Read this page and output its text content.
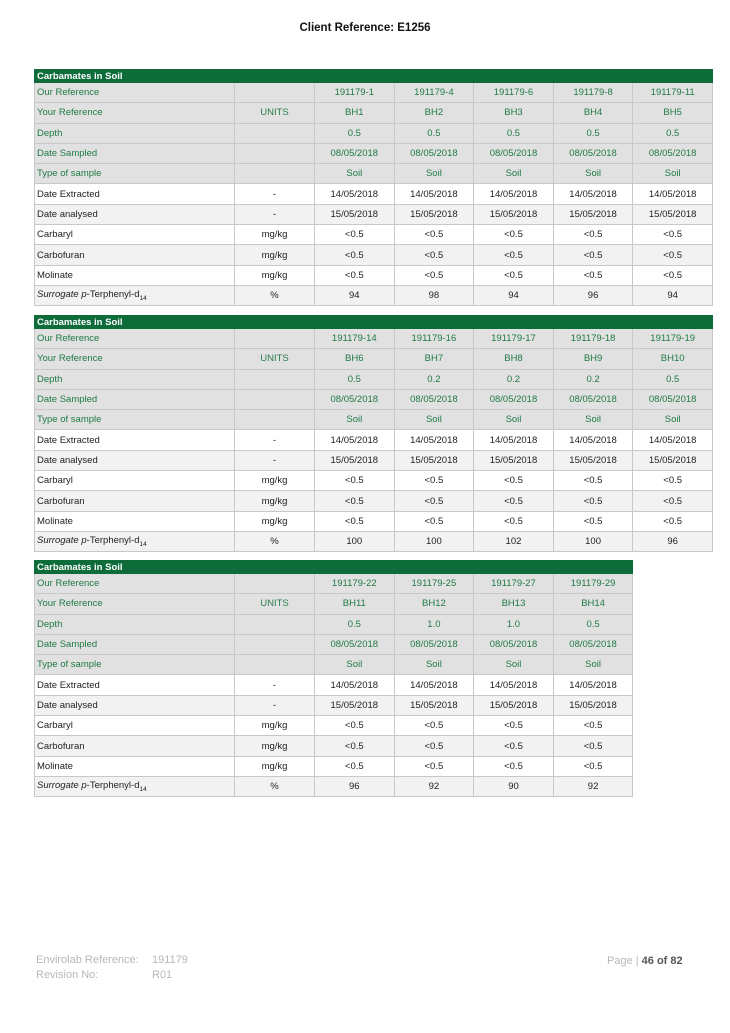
Client Reference: E1256
Carbamates in Soil						
Our Reference		191179-1	191179-4	191179-6	191179-8	191179-11
Your Reference	UNITS	BH1	BH2	BH3	BH4	BH5
Depth		0.5	0.5	0.5	0.5	0.5
Date Sampled		08/05/2018	08/05/2018	08/05/2018	08/05/2018	08/05/2018
Type of sample		Soil	Soil	Soil	Soil	Soil
Date Extracted	-	14/05/2018	14/05/2018	14/05/2018	14/05/2018	14/05/2018
Date analysed	-	15/05/2018	15/05/2018	15/05/2018	15/05/2018	15/05/2018
Carbaryl	mg/kg	<0.5	<0.5	<0.5	<0.5	<0.5
Carbofuran	mg/kg	<0.5	<0.5	<0.5	<0.5	<0.5
Molinate	mg/kg	<0.5	<0.5	<0.5	<0.5	<0.5
Surrogate $p-Terphenyl-d_{14}$	%	94	98	94	96	94
Carbamates in Soil						
Our Reference		191179-14	191179-16	191179-17	191179-18	191179-19
Your Reference	UNITS	BH6	BH7	BH8	BH9	BH10
Depth		0.5	0.2	0.2	0.2	0.5
Date Sampled		08/05/2018	08/05/2018	08/05/2018	08/05/2018	08/05/2018
Type of sample		Soil	Soil	Soil	Soil	Soil
Date Extracted	-	14/05/2018	14/05/2018	14/05/2018	14/05/2018	14/05/2018
Date analysed	-	15/05/2018	15/05/2018	15/05/2018	15/05/2018	15/05/2018
Carbaryl	mg/kg	<0.5	<0.5	<0.5	<0.5	<0.5
Carbofuran	mg/kg	<0.5	<0.5	<0.5	<0.5	<0.5
Molinate	mg/kg	<0.5	<0.5	<0.5	<0.5	<0.5
Surrogate $p-Terphenyl-d_{14}$	%	100	100	102	100	96
Carbamates in Soil					
Our Reference		191179-22	191179-25	191179-27	191179-29
Your Reference	UNITS	BH11	BH12	BH13	BH14
Depth		0.5	1.0	1.0	0.5
Date Sampled		08/05/2018	08/05/2018	08/05/2018	08/05/2018
Type of sample		Soil	Soil	Soil	Soil
Date Extracted	-	14/05/2018	14/05/2018	14/05/2018	14/05/2018
Date analysed	-	15/05/2018	15/05/2018	15/05/2018	15/05/2018
Carbaryl	mg/kg	<0.5	<0.5	<0.5	<0.5
Carbofuran	mg/kg	<0.5	<0.5	<0.5	<0.5
Molinate	mg/kg	<0.5	<0.5	<0.5	<0.5
Surrogate $p-Terphenyl-d_{14}$	%	96	92	90	92
Envirolab Reference: 191179
Revision No:	R01
Page | 46 of 82
